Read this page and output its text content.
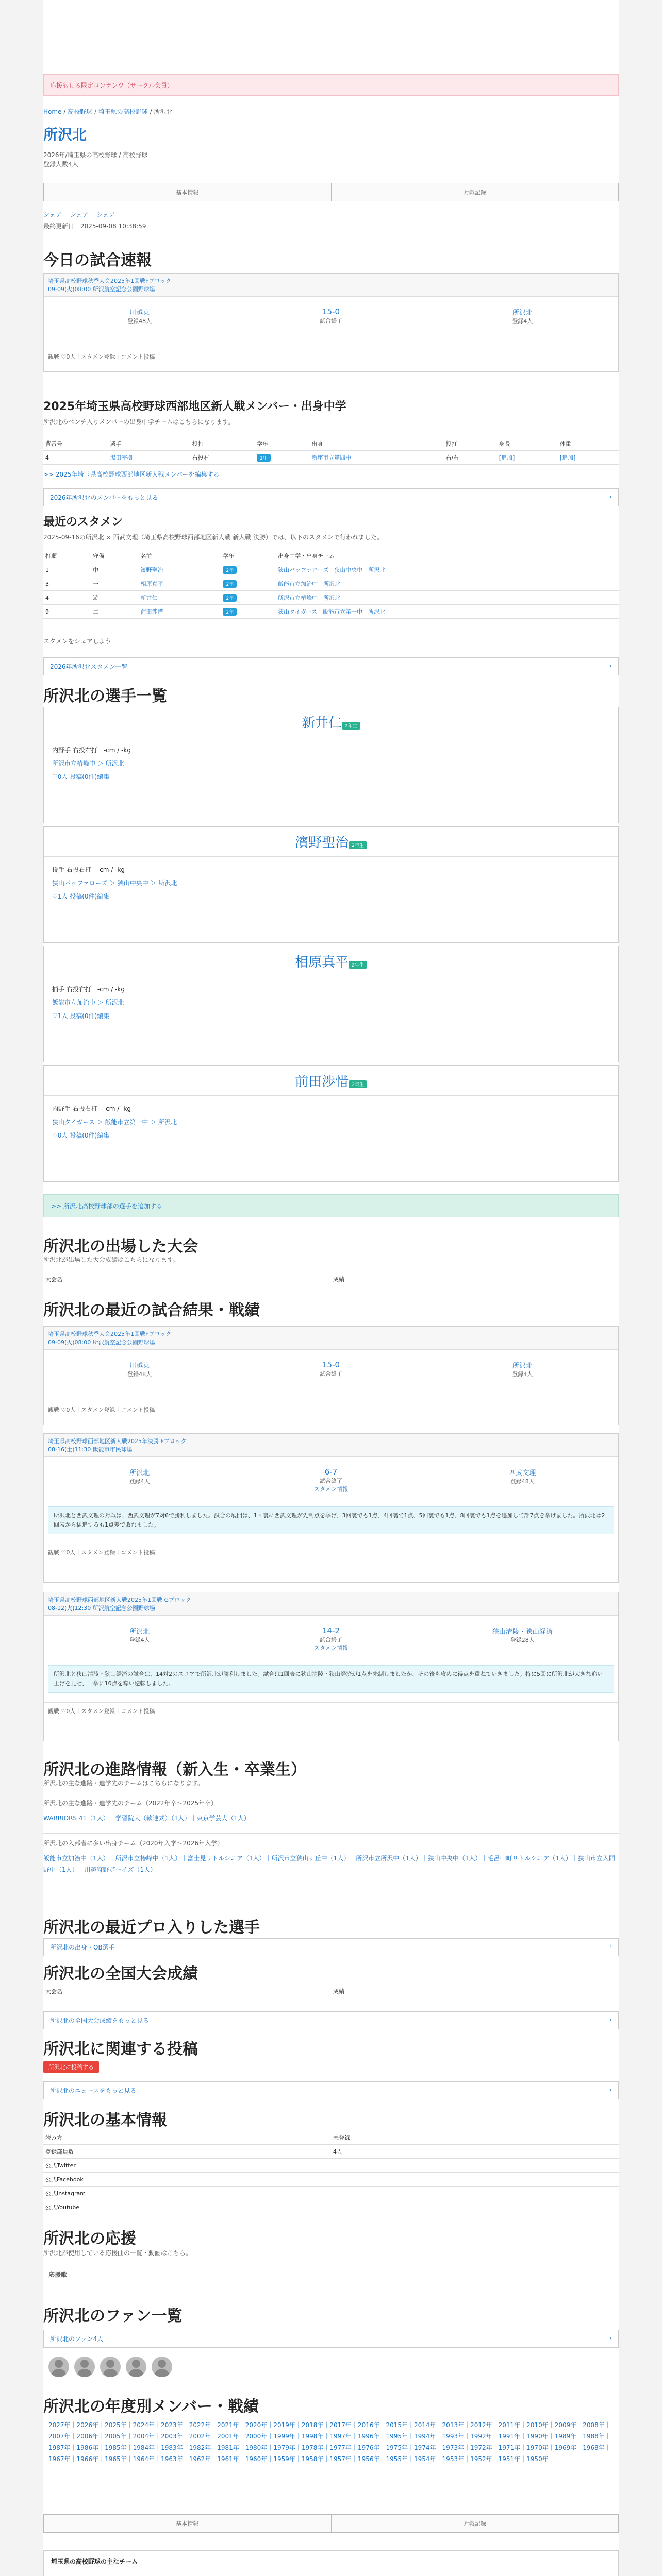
応援もしる限定コンテンツ（サークル会員）
Home / 高校野球 / 埼玉県の高校野球 / 所沢北
所沢北
2026年/埼玉県の高校野球 / 高校野球
登録人数4人
基本情報	対戦記録
シェア　 シェア　 シェア
最終更新日　2025-09-08 10:38:59
今日の試合速報
埼玉県高校野球秋季大会2025年1回戦Fブロック
09-09(火)08:00 所沢航空記念公園野球場
川越東
登録48人
15-0
試合終了
所沢北
登録4人
観戦 ♡0人｜スタメン登録｜コメント投稿
2025年埼玉県高校野球西部地区新人戦メンバー・出身中学
所沢北のベンチ入りメンバーの出身中学チームはこちらになります。
背番号	選手	投打	学年	出身	投打	身長	体重
4	湯田宰樹	右投右	2年	新座市立第四中	右/右	[追加]	[追加]
>> 2025年埼玉県高校野球西部地区新人戦メンバーを編集する
2026年所沢北のメンバーをもっと見る	›
最近のスタメン
2025-09-16の所沢北 × 西武文理（埼玉県高校野球西部地区新人戦 新人戦 決勝）では、以下のスタメンで行われました。
打順	守備	名前	学年	出身中学・出身チーム
1	中	濱野聖治	2年	狭山バッファローズ－狭山中央中－所沢北
3	一	相原真平	2年	飯能市立加治中－所沢北
4	遊	新井仁	2年	所沢市立椿峰中－所沢北
9	二	前田渉惜	2年	狭山タイガース－飯能市立第一中－所沢北
スタメンをシェアしよう
2026年所沢北スタメン一覧	›
所沢北の選手一覧
新井仁 2年生
内野手 右投右打　-cm / -kg
所沢市立椿峰中 ＞ 所沢北
♡0人 投稿(0件)編集
濱野聖治 2年生
投手 右投右打　-cm / -kg
狭山バッファローズ ＞ 狭山中央中 ＞ 所沢北
♡1人 投稿(0件)編集
相原真平 2年生
捕手 右投右打　-cm / -kg
飯能市立加治中 ＞ 所沢北
♡1人 投稿(0件)編集
前田渉惜 2年生
内野手 右投右打　-cm / -kg
狭山タイガース ＞ 飯能市立第一中 ＞ 所沢北
♡0人 投稿(0件)編集
>> 所沢北高校野球部の選手を追加する
所沢北の出場した大会
所沢北が出場した大会成績はこちらになります。
大会名	成績
所沢北の最近の試合結果・戦績
埼玉県高校野球秋季大会2025年1回戦Fブロック
09-09(火)08:00 所沢航空記念公園野球場
川越東
登録48人
15-0
試合終了
所沢北
登録4人
観戦 ♡0人｜スタメン登録｜コメント投稿
埼玉県高校野球西部地区新人戦2025年決勝 Fブロック
08-16(土)11:30 飯能市市民球場
所沢北
登録4人
6-7
試合終了
スタメン情報
西武文理
登録48人
所沢北と西武文理の対戦は、西武文理が7対6で勝利しました。試合の展開は、1回裏に西武文理が先制点を挙げ、3回裏でも1点、4回裏で1点、5回裏でも1点、8回裏でも1点を追加して計7点を挙げました。所沢北は2回表から猛追するも1点差で敗れました。
観戦 ♡0人｜スタメン登録｜コメント投稿
埼玉県高校野球西部地区新人戦2025年1回戦 Gブロック
08-12(火)12:30 所沢航空記念公園野球場
所沢北
登録4人
14-2
試合終了
スタメン情報
狭山清陵・狭山経済
登録28人
所沢北と狭山清陵・狭山経済の試合は、14対2のスコアで所沢北が勝利しました。試合は1回表に狭山清陵・狭山経済が1点を先制しましたが、その後も攻めに得点を重ねていきました。特に5回に所沢北が大きな追い上げを見せ、一挙に10点を奪い逆転しました。
観戦 ♡0人｜スタメン登録｜コメント投稿
所沢北の進路情報（新入生・卒業生）
所沢北の主な進路・進学先のチームはこちらになります。
所沢北の主な進路・進学先のチーム（2022年卒〜2025年卒）
WARRIORS 41（1人）｜学習院大（軟連式）（1人）｜東京学芸大（1人）
所沢北の入部者に多い出身チーム（2020年入学〜2026年入学）
飯能市立加治中（1人）｜所沢市立椿峰中（1人）｜富士見リトルシニア（1人）｜所沢市立狭山ヶ丘中（1人）｜所沢市立所沢中（1人）｜狭山中央中（1人）｜毛呂山町リトルシニア（1人）｜狭山市立入間野中（1人）｜川越狩野ボーイズ（1人）
所沢北の最近プロ入りした選手
所沢北の出身・OB選手	›
所沢北の全国大会成績
大会名	成績
所沢北の全国大会成績をもっと見る	›
所沢北に関連する投稿
所沢北に投稿する
所沢北のニュースをもっと見る	›
所沢北の基本情報
読み方	未登録
登録部員数	4人
公式Twitter	
公式Facebook	
公式Instagram	
公式Youtube	
所沢北の応援
所沢北が使用している応援曲の一覧・動画はこちら。
応援歌
所沢北のファン一覧
所沢北のファン4人	›
所沢北の年度別メンバー・戦績
2027年｜2026年｜2025年｜2024年｜2023年｜2022年｜2021年｜2020年｜2019年｜2018年｜2017年｜2016年｜2015年｜2014年｜2013年｜2012年｜2011年｜2010年｜2009年｜2008年｜2007年｜2006年｜2005年｜2004年｜2003年｜2002年｜2001年｜2000年｜1999年｜1998年｜1997年｜1996年｜1995年｜1994年｜1993年｜1992年｜1991年｜1990年｜1989年｜1988年｜1987年｜1986年｜1985年｜1984年｜1983年｜1982年｜1981年｜1980年｜1979年｜1978年｜1977年｜1976年｜1975年｜1974年｜1973年｜1972年｜1971年｜1970年｜1969年｜1968年｜1967年｜1966年｜1965年｜1964年｜1963年｜1962年｜1961年｜1960年｜1959年｜1958年｜1957年｜1956年｜1955年｜1954年｜1953年｜1952年｜1951年｜1950年
基本情報	対戦記録
埼玉県の高校野球の主なチーム
